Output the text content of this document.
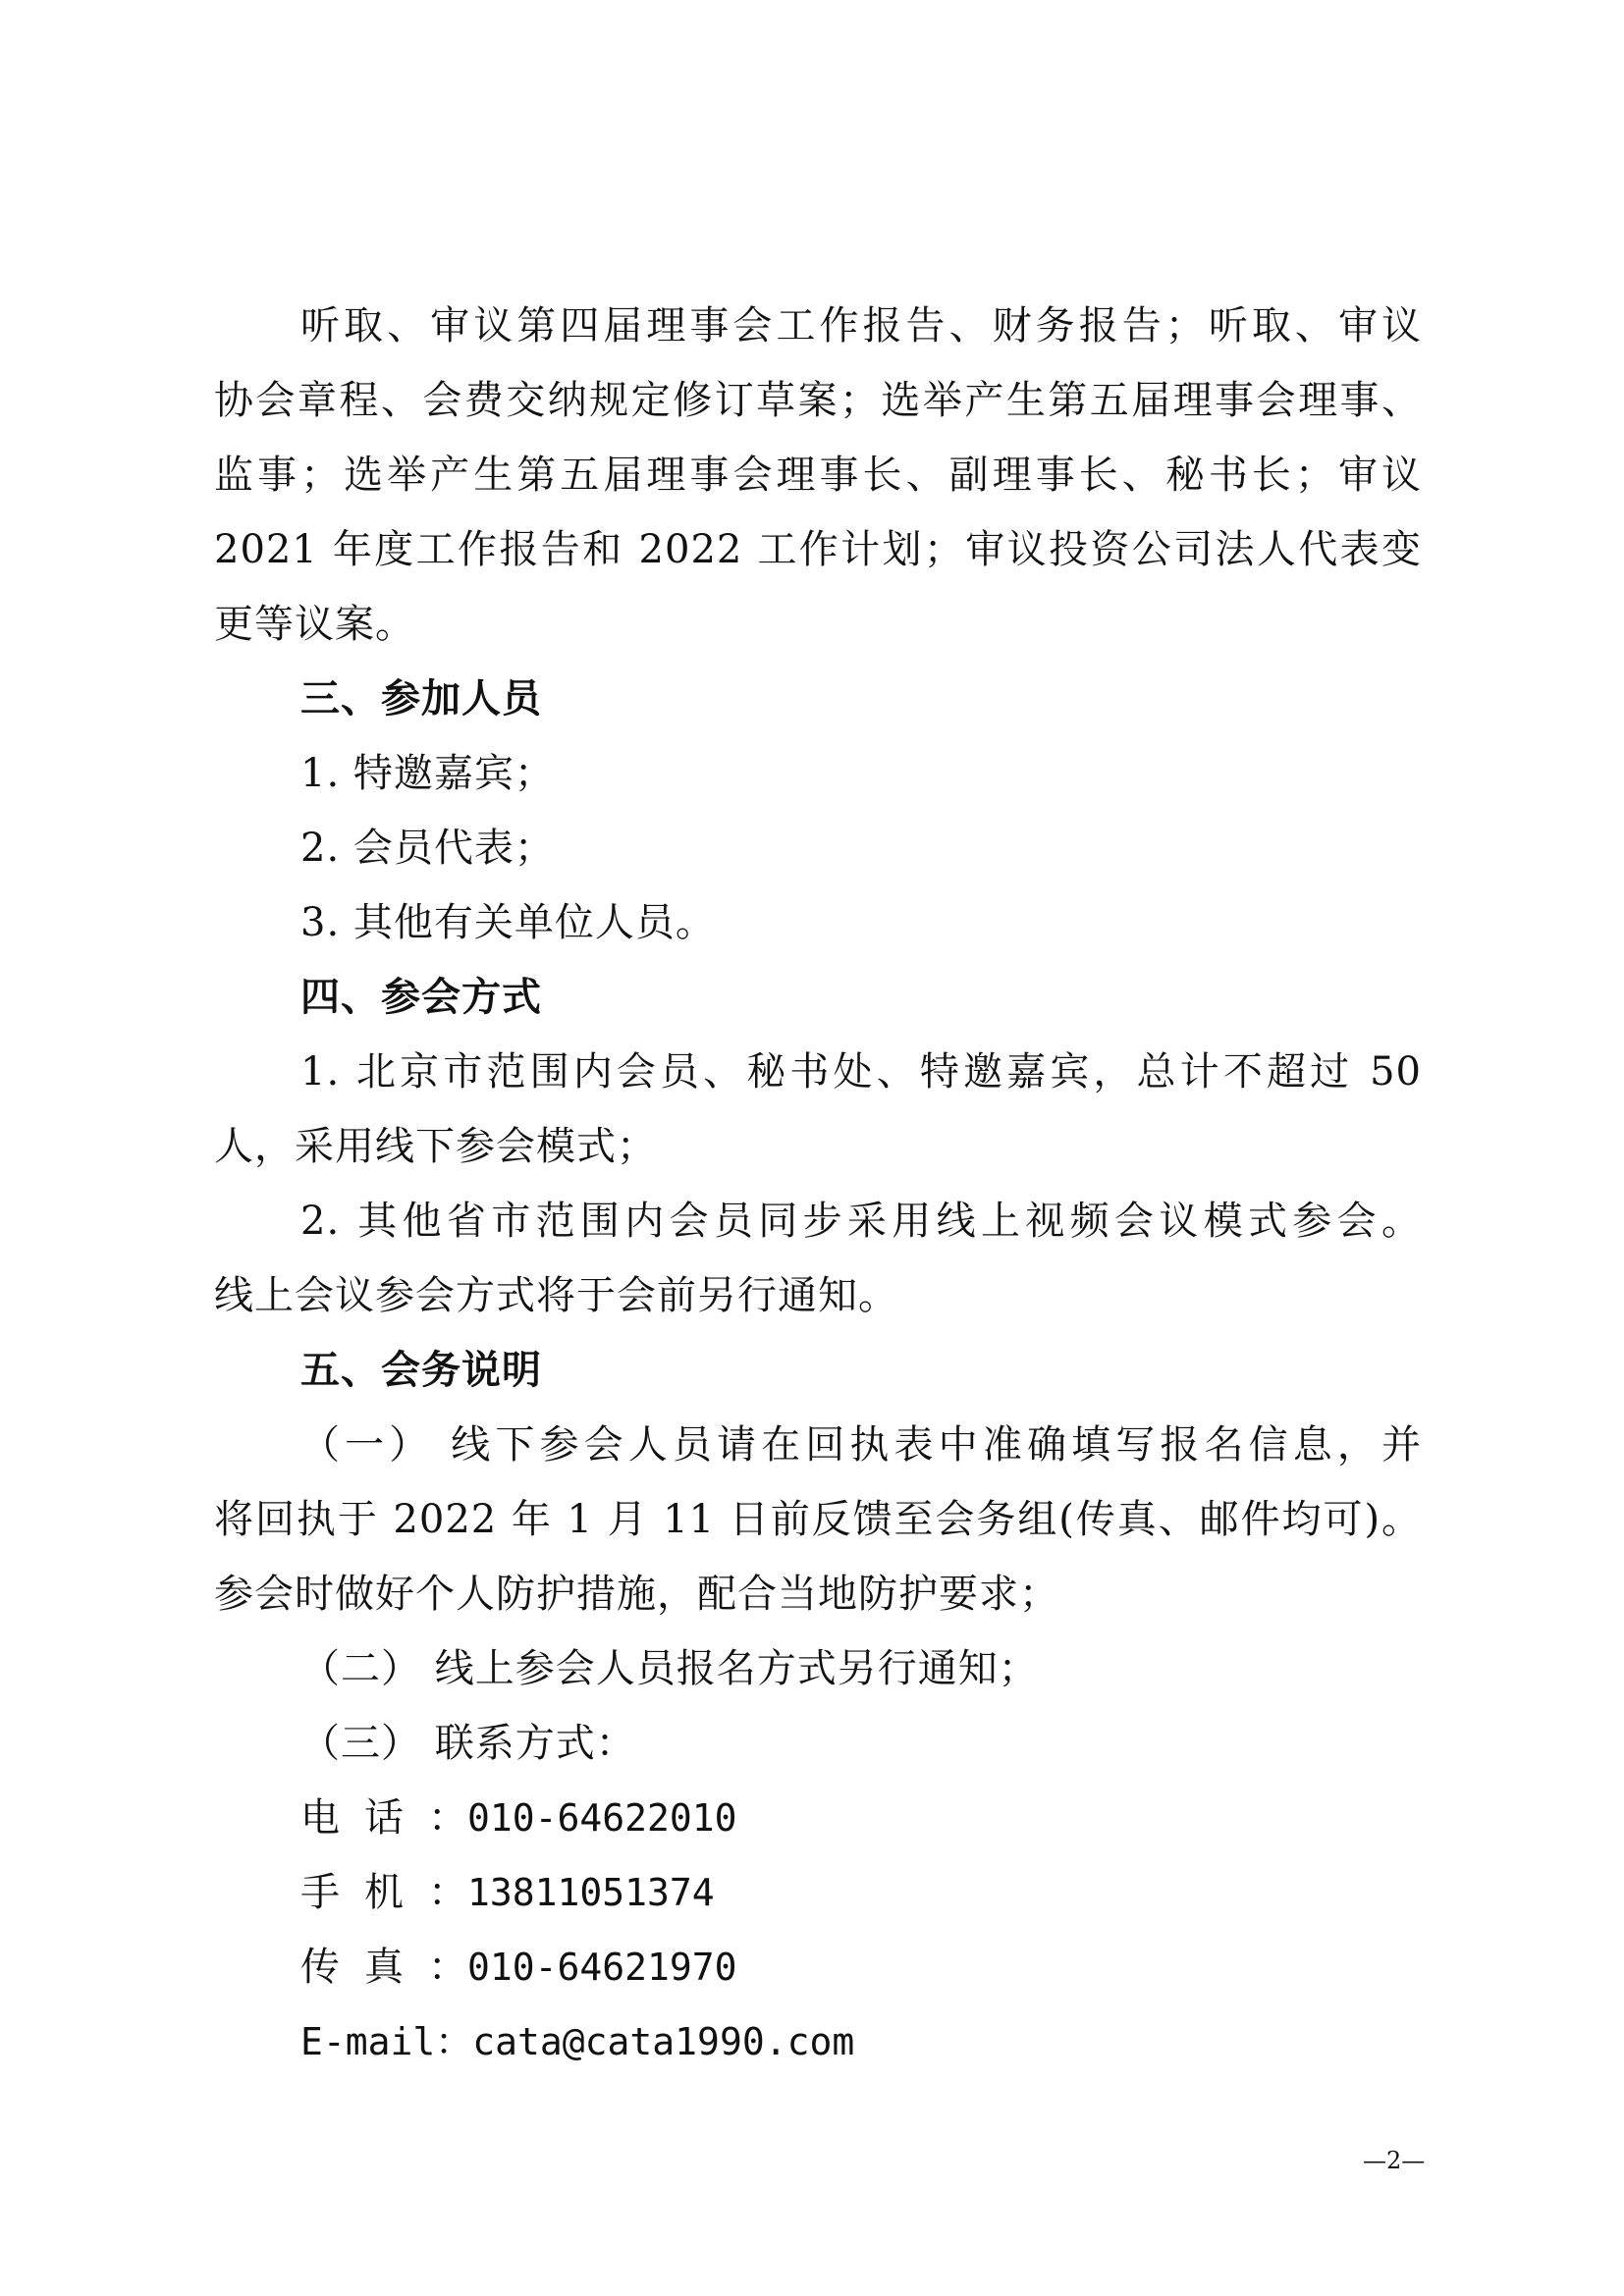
听取、审议第四届理事会工作报告、财务报告；听取、审议
协会章程、会费交纳规定修订草案；选举产生第五届理事会理事、
监事；选举产生第五届理事会理事长、副理事长、秘书长；审议
2021 年度工作报告和 2022 工作计划；审议投资公司法人代表变
更等议案。
三、参加人员
1. 特邀嘉宾；
2. 会员代表；
3. 其他有关单位人员。
四、参会方式
1. 北京市范围内会员、秘书处、特邀嘉宾，总计不超过 50
人，采用线下参会模式；
2. 其他省市范围内会员同步采用线上视频会议模式参会。
线上会议参会方式将于会前另行通知。
五、会务说明
（一） 线下参会人员请在回执表中准确填写报名信息，并
将回执于 2022 年 1 月 11 日前反馈至会务组(传真、邮件均可)。
参会时做好个人防护措施，配合当地防护要求；
（二） 线上参会人员报名方式另行通知；
（三） 联系方式：
电话：010-64622010
手机：13811051374
传真：010-64621970
E-mail：cata@cata1990.com
—2—
